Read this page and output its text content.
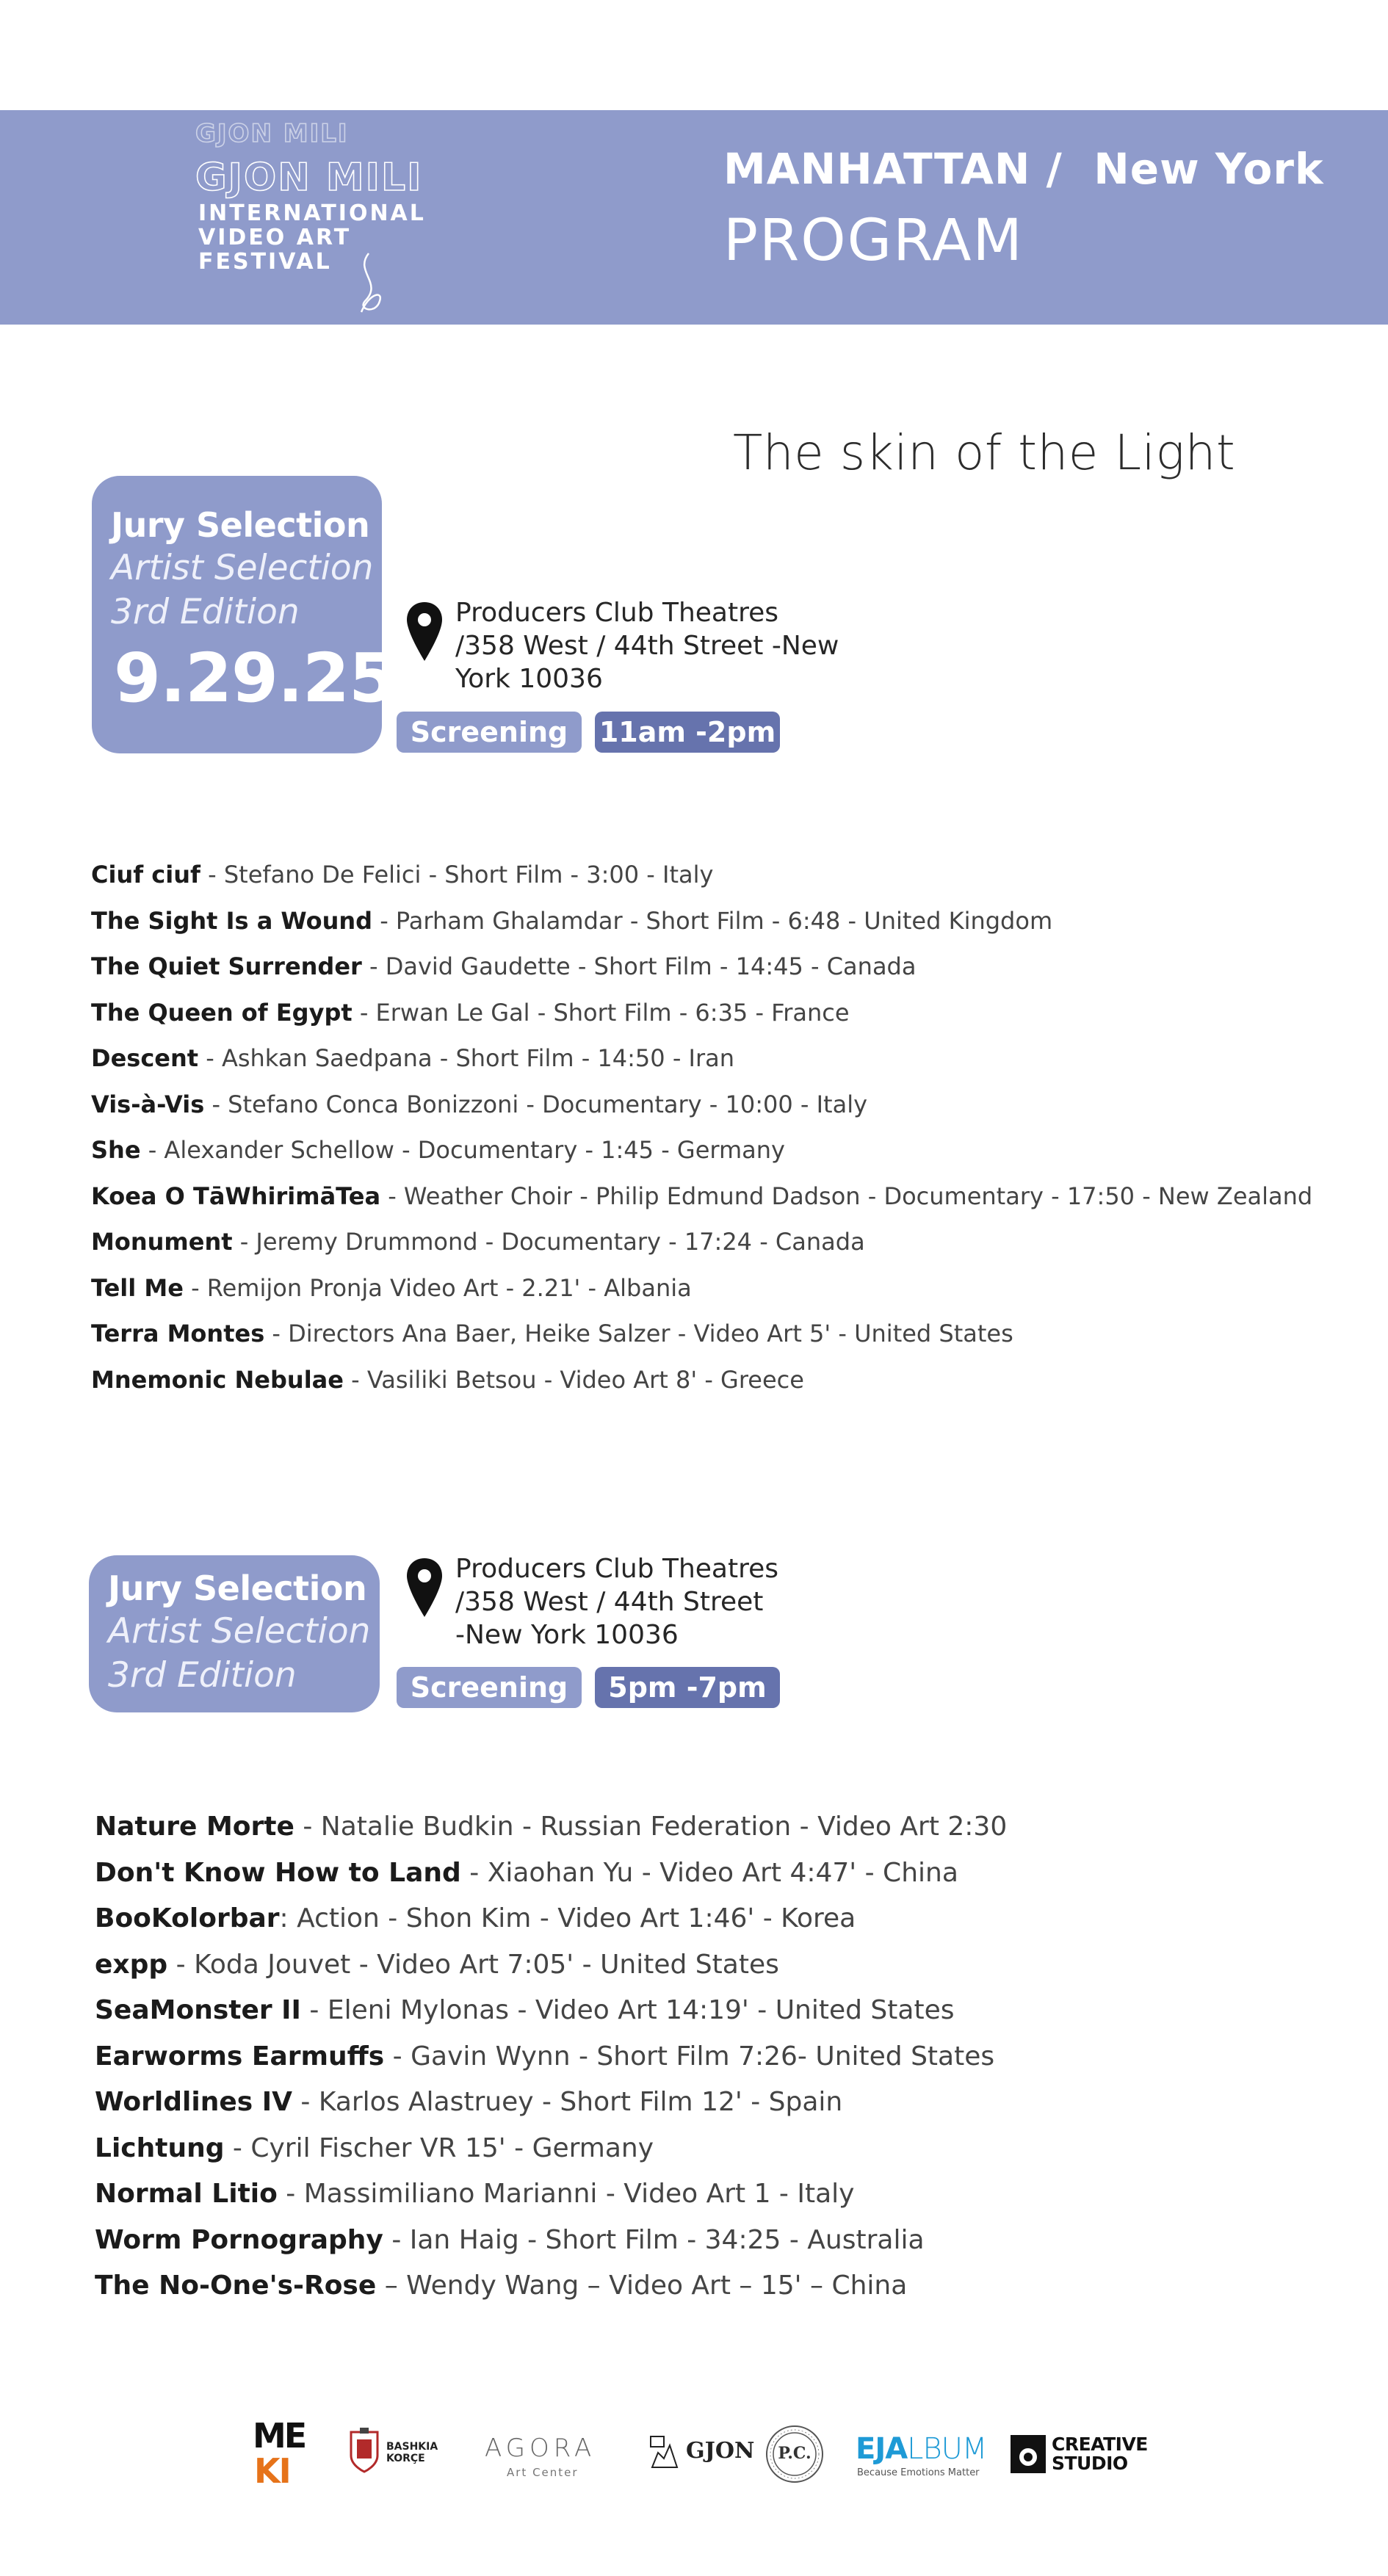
GJON MILI
GJON MILI
INTERNATIONAL
VIDEO ART
FESTIVAL
MANHATTAN /  New York
PROGRAM
The skin of the Light
Jury Selection
Artist Selection
3rd Edition
9.29.25
Producers Club Theatres
/358 West / 44th Street -New
York 10036
Screening	11am -2pm
Ciuf ciuf - Stefano De Felici - Short Film - 3:00 - Italy
The Sight Is a Wound - Parham Ghalamdar - Short Film - 6:48 - United Kingdom
The Quiet Surrender - David Gaudette - Short Film - 14:45 - Canada
The Queen of Egypt - Erwan Le Gal - Short Film - 6:35 - France
Descent - Ashkan Saedpana - Short Film - 14:50 - Iran
Vis-à-Vis - Stefano Conca Bonizzoni - Documentary - 10:00 - Italy
She - Alexander Schellow - Documentary - 1:45 - Germany
Koea O TāWhirimāTea - Weather Choir - Philip Edmund Dadson - Documentary - 17:50 - New Zealand
Monument - Jeremy Drummond - Documentary - 17:24 - Canada
Tell Me - Remijon Pronja Video Art - 2.21' - Albania
Terra Montes - Directors Ana Baer, Heike Salzer - Video Art 5' - United States
Mnemonic Nebulae - Vasiliki Betsou - Video Art 8' - Greece
Jury Selection
Artist Selection
3rd Edition
Producers Club Theatres
/358 West / 44th Street
-New York 10036
Screening	5pm -7pm
Nature Morte - Natalie Budkin - Russian Federation - Video Art 2:30
Don't Know How to Land - Xiaohan Yu - Video Art 4:47' - China
BooKolorbar: Action - Shon Kim - Video Art 1:46' - Korea
expp - Koda Jouvet - Video Art 7:05' - United States
SeaMonster II - Eleni Mylonas - Video Art 14:19' - United States
Earworms Earmuffs - Gavin Wynn - Short Film 7:26- United States
Worldlines IV - Karlos Alastruey - Short Film 12' - Spain
Lichtung - Cyril Fischer VR 15' - Germany
Normal Litio - Massimiliano Marianni - Video Art 1 - Italy
Worm Pornography - Ian Haig - Short Film - 34:25 - Australia
The No-One's-Rose – Wendy Wang – Video Art – 15' – China
ME
KI
BASHKIA
KORÇE	AGORA
Art Center
GJON	P.C.	EJALBUM
Because Emotions Matter
CREATIVE
STUDIO
